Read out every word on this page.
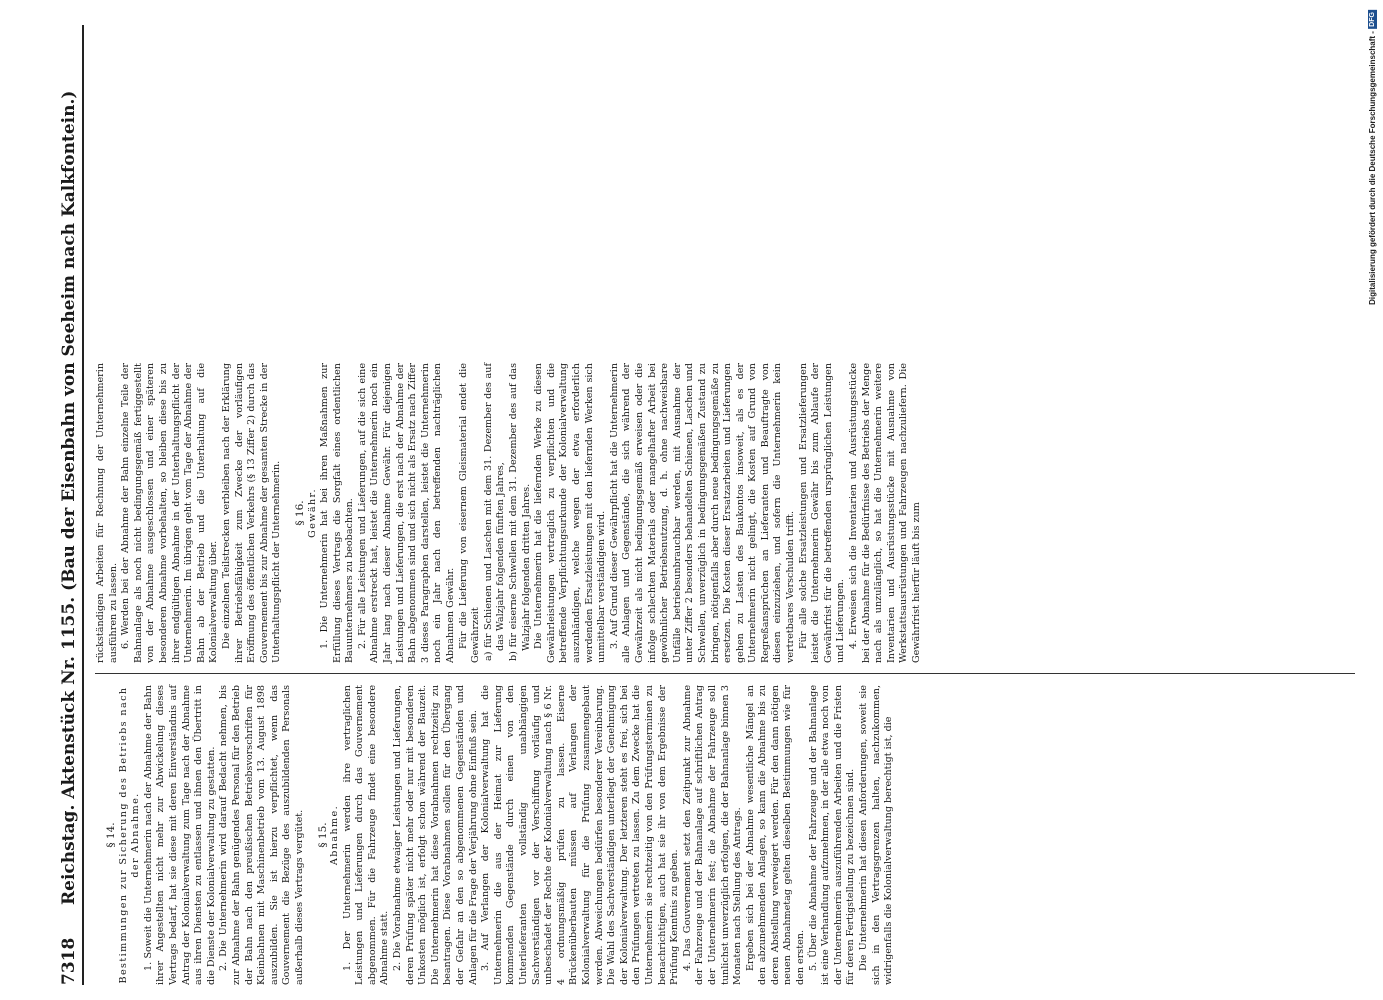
7318
Reichstag. Aktenstück Nr. 1155. (Bau der Eisenbahn von Seeheim nach Kalkfontein.) § 14. Bestimmungen zur Sicherung des Betriebs nach der Abnahme. 1. Soweit die Unternehmerin nach der Abnahme der Bahn ihrer Angestellten nicht mehr zur Abwickelung dieses Vertrags bedarf, hat sie diese mit deren Einverständnis auf Antrag der Kolonialverwaltung zum Tage nach der Abnahme aus ihren Diensten zu entlassen und ihnen den Übertritt in die Dienste der Kolonialverwaltung zu gestatten. 2. Die Unternehmerin wird darauf Bedacht nehmen, bis zur Abnahme der Bahn genügendes Personal für den Betrieb der Bahn nach den preußischen Betriebsvorschriften für Kleinbahnen mit Maschinenbetrieb vom 13. August 1898 auszubilden. Sie ist hierzu verpflichtet, wenn das Gouvernement die Bezüge des auszubildenden Personals außerhalb dieses Vertrags vergütet. § 15. Abnahme. 1. Der Unternehmerin werden ihre vertraglichen Leistungen und Lieferungen durch das Gouvernement abgenommen. Für die Fahrzeuge findet eine besondere Abnahme statt. 2. Die Vorabnahme etwaiger Leistungen und Lieferungen, deren Prüfung später nicht mehr oder nur mit besonderen Unkosten möglich ist, erfolgt schon während der Bauzeit. Die Unternehmerin hat diese Vorabnahmen rechtzeitig zu beantragen. Diese Vorabnahmen sollen für den Übergang der Gefahr an den so abgenommenen Gegenständen und Anlagen für die Frage der Verjährung ohne Einfluß sein. 3. Auf Verlangen der Kolonialverwaltung hat die Unternehmerin die aus der Heimat zur Lieferung kommenden Gegenstände durch einen von den Unterlieferanten vollständig unabhängigen Sachverständigen vor der Verschiffung vorläufig und unbeschadet der Rechte der Kolonialverwaltung nach § 6 Nr. 4 ordnungsmäßig prüfen zu lassen. Eiserne Brückenüberbauten müssen auf Verlangen der Kolonialverwaltung für die Prüfung zusammengebaut werden. Abweichungen bedürfen besonderer Vereinbarung. Die Wahl des Sachverständigen unterliegt der Genehmigung der Kolonialverwaltung. Der letzteren steht es frei, sich bei den Prüfungen vertreten zu lassen. Zu dem Zwecke hat die Unternehmerin sie rechtzeitig von den Prüfungsterminen zu benachrichtigen, auch hat sie ihr von dem Ergebnisse der Prüfung Kenntnis zu geben. 4. Das Gouvernement setzt den Zeitpunkt zur Abnahme der Fahrzeuge und der Bahnanlage auf schriftlichen Antrag der Unternehmerin fest; die Abnahme der Fahrzeuge soll tunlichst unverzüglich erfolgen, die der Bahnanlage binnen 3 Monaten nach Stellung des Antrags. Ergeben sich bei der Abnahme wesentliche Mängel an den abzunehmenden Anlagen, so kann die Abnahme bis zu deren Abstellung verweigert werden. Für den dann nötigen neuen Abnahmetag gelten dieselben Bestimmungen wie für den ersten. 5. Über die Abnahme der Fahrzeuge und der Bahnanlage ist eine Verhandlung aufzunehmen, in der alle etwa noch von der Unternehmerin auszuführenden Arbeiten und die Fristen für deren Fertigstellung zu bezeichnen sind. Die Unternehmerin hat diesen Anforderungen, soweit sie sich in den Vertragsgrenzen halten, nachzukommen, widrigenfalls die Kolonialverwaltung berechtigt ist, die

rückständigen Arbeiten für Rechnung der Unternehmerin ausführen zu lassen. 6. Werden bei der Abnahme der Bahn einzelne Teile der Bahnanlage als noch nicht bedingungsgemäß fertiggestellt von der Abnahme ausgeschlossen und einer späteren besonderen Abnahme vorbehalten, so bleiben diese bis zu ihrer endgültigen Abnahme in der Unterhaltungspflicht der Unternehmerin. Im übrigen geht vom Tage der Abnahme der Bahn ab der Betrieb und die Unterhaltung auf die Kolonialverwaltung über. Die einzelnen Teilstrecken verbleiben nach der Erklärung ihrer Betriebsfähigkeit zum Zwecke der vorläufigen Eröffnung des öffentlichen Verkehrs (§ 13 Ziffer 2) durch das Gouvernement bis zur Abnahme der gesamten Strecke in der Unterhaltungspflicht der Unternehmerin. § 16. Gewähr. 1. Die Unternehmerin hat bei ihren Maßnahmen zur Erfüllung dieses Vertrags die Sorgfalt eines ordentlichen Bauunternehmers zu beobachten. 2. Für alle Leistungen und Lieferungen, auf die sich eine Abnahme erstreckt hat, leistet die Unternehmerin noch ein Jahr lang nach dieser Abnahme Gewähr. Für diejenigen Leistungen und Lieferungen, die erst nach der Abnahme der Bahn abgenommen sind und sich nicht als Ersatz nach Ziffer 3 dieses Paragraphen darstellen, leistet die Unternehmerin noch ein Jahr nach den betreffenden nachträglichen Abnahmen Gewähr. Für die Lieferung von eisernem Gleismaterial endet die Gewährzeit a) für Schienen und Laschen mit dem 31. Dezember des auf das Walzjahr folgenden fünften Jahres, b) für eiserne Schwellen mit dem 31. Dezember des auf das Walzjahr folgenden dritten Jahres. Die Unternehmerin hat die liefernden Werke zu diesen Gewährleistungen vertraglich zu verpflichten und die betreffende Verpflichtungsurkunde der Kolonialverwaltung auszuhändigen, welche wegen der etwa erforderlich werdenden Ersatzleistungen mit den liefernden Werken sich unmittelbar verständigen wird. 3. Auf Grund dieser Gewährpflicht hat die Unternehmerin alle Anlagen und Gegenstände, die sich während der Gewährzeit als nicht bedingungsgemäß erweisen oder die infolge schlechten Materials oder mangelhafter Arbeit bei gewöhnlicher Betriebsnutzung, d. h. ohne nachweisbare Unfälle betriebsunbrauchbar werden, mit Ausnahme der unter Ziffer 2 besonders behandelten Schienen, Laschen und Schwellen, unverzüglich in bedingungsgemäßen Zustand zu bringen, nötigenfalls aber durch neue bedingungsgemäße zu ersetzen. Die Kosten dieser Ersatzarbeiten und Lieferungen gehen zu Lasten des Baukontos insoweit, als es der Unternehmerin nicht gelingt, die Kosten auf Grund von Regreßansprüchen an Lieferanten und Beauftragte von diesen einzuziehen, und sofern die Unternehmerin kein vertretbares Verschulden trifft. Für alle solche Ersatzleistungen und Ersatzlieferungen leistet die Unternehmerin Gewähr bis zum Ablaufe der Gewährfrist für die betreffenden ursprünglichen Leistungen und Lieferungen. 4. Erweisen sich die Inventarien und Ausrüstungsstücke bei der Abnahme für die Bedürfnisse des Betriebs der Menge nach als unzulänglich, so hat die Unternehmerin weitere Inventarien und Ausrüstungsstücke mit Ausnahme von Werkstattsausrüstungen und Fahrzeugen nachzuliefern. Die Gewährfrist hierfür läuft bis zum

Digitalisierung gefördert durch die Deutsche Forschungsgemeinschaft - DFG
